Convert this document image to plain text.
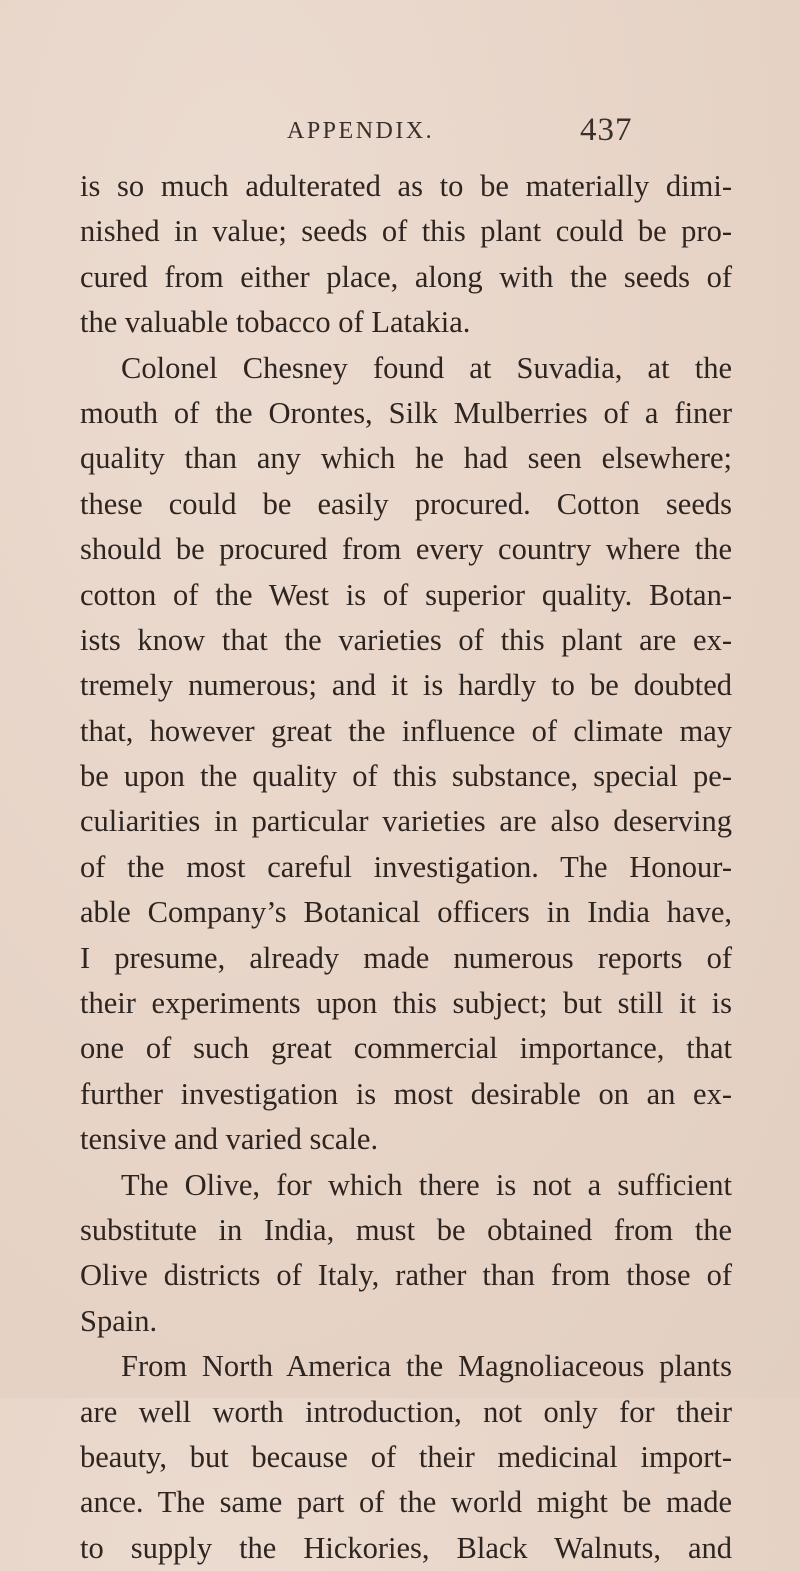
APPENDIX.	437
is so much adulterated as to be materially dimi-
nished in value; seeds of this plant could be pro-
cured from either place, along with the seeds of
the valuable tobacco of Latakia.
Colonel Chesney found at Suvadia, at the
mouth of the Orontes, Silk Mulberries of a finer
quality than any which he had seen elsewhere;
these could be easily procured. Cotton seeds
should be procured from every country where the
cotton of the West is of superior quality. Botan-
ists know that the varieties of this plant are ex-
tremely numerous; and it is hardly to be doubted
that, however great the influence of climate may
be upon the quality of this substance, special pe-
culiarities in particular varieties are also deserving
of the most careful investigation. The Honour-
able Company’s Botanical officers in India have,
I presume, already made numerous reports of
their experiments upon this subject; but still it is
one of such great commercial importance, that
further investigation is most desirable on an ex-
tensive and varied scale.
The Olive, for which there is not a sufficient
substitute in India, must be obtained from the
Olive districts of Italy, rather than from those of
Spain.
From North America the Magnoliaceous plants
are well worth introduction, not only for their
beauty, but because of their medicinal import-
ance. The same part of the world might be made
to supply the Hickories, Black Walnuts, and
